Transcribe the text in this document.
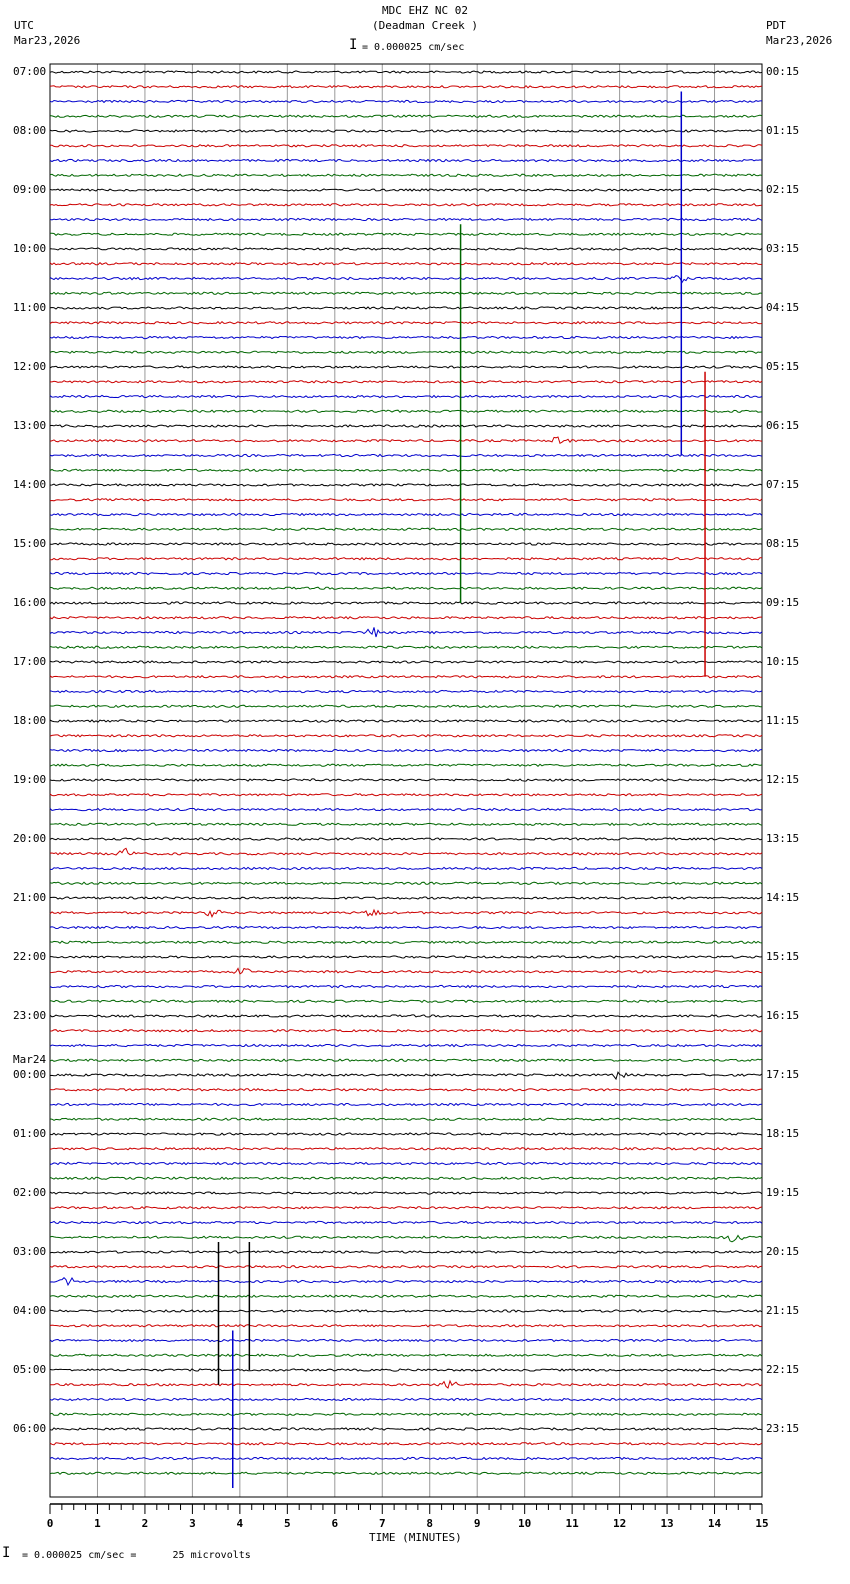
MDC EHZ NC 02
(Deadman Creek )
UTC
Mar23,2026
PDT
Mar23,2026
I = 0.000025 cm/sec
0	1	2	3	4	5	6	7	8	9	10	11	12	13	14	15
07:00
08:00
09:00
10:00
11:00
12:00
13:00
14:00
15:00
16:00
17:00
18:00
19:00
20:00
21:00
22:00
23:00
00:00
Mar24
01:00
02:00
03:00
04:00
05:00
06:00
00:15
01:15
02:15
03:15
04:15
05:15
06:15
07:15
08:15
09:15
10:15
11:15
12:15
13:15
14:15
15:15
16:15
17:15
18:15
19:15
20:15
21:15
22:15
23:15
TIME (MINUTES)
I = 0.000025 cm/sec =      25 microvolts
